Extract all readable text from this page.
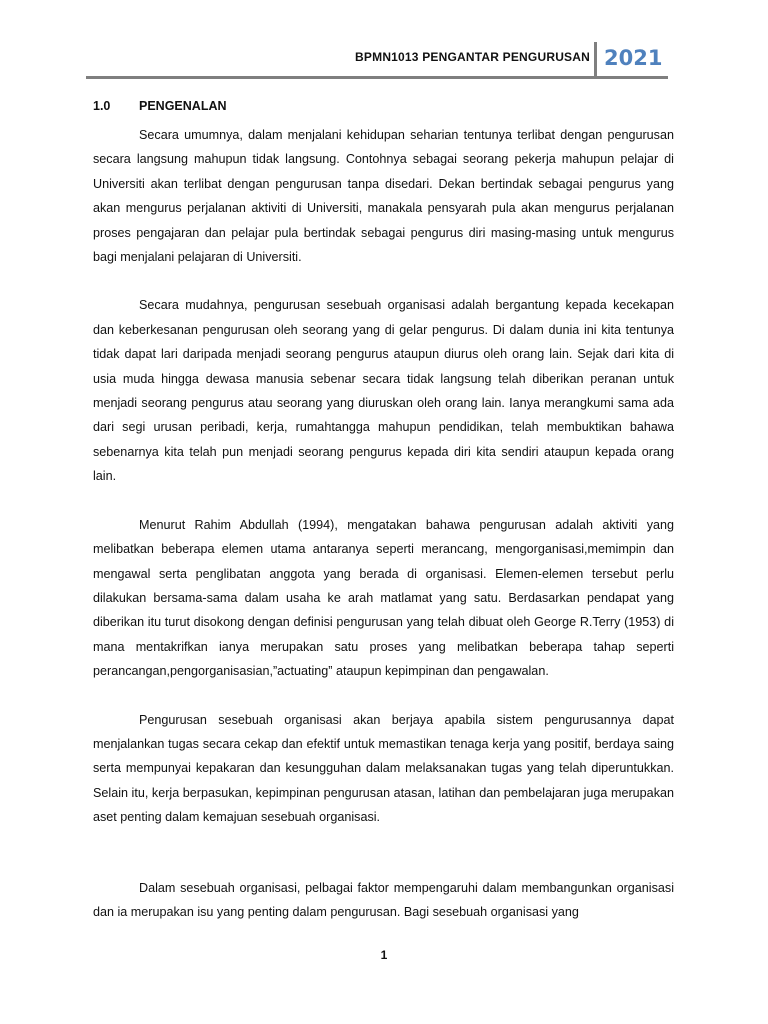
BPMN1013 PENGANTAR PENGURUSAN 2021
1.0 PENGENALAN

Secara umumnya, dalam menjalani kehidupan seharian tentunya terlibat dengan pengurusan secara langsung mahupun tidak langsung. Contohnya sebagai seorang pekerja mahupun pelajar di Universiti akan terlibat dengan pengurusan tanpa disedari. Dekan bertindak sebagai pengurus yang akan mengurus perjalanan aktiviti di Universiti, manakala pensyarah pula akan mengurus perjalanan proses pengajaran dan pelajar pula bertindak sebagai pengurus diri masing-masing untuk mengurus bagi menjalani pelajaran di Universiti.

Secara mudahnya, pengurusan sesebuah organisasi adalah bergantung kepada kecekapan dan keberkesanan pengurusan oleh seorang yang di gelar pengurus. Di dalam dunia ini kita tentunya tidak dapat lari daripada menjadi seorang pengurus ataupun diurus oleh orang lain. Sejak dari kita di usia muda hingga dewasa manusia sebenar secara tidak langsung telah diberikan peranan untuk menjadi seorang pengurus atau seorang yang diuruskan oleh orang lain. Ianya merangkumi sama ada dari segi urusan peribadi, kerja, rumahtangga mahupun pendidikan, telah membuktikan bahawa sebenarnya kita telah pun menjadi seorang pengurus kepada diri kita sendiri ataupun kepada orang lain.

Menurut Rahim Abdullah (1994), mengatakan bahawa pengurusan adalah aktiviti yang melibatkan beberapa elemen utama antaranya seperti merancang, mengorganisasi,memimpin dan mengawal serta penglibatan anggota yang berada di organisasi. Elemen-elemen tersebut perlu dilakukan bersama-sama dalam usaha ke arah matlamat yang satu. Berdasarkan pendapat yang diberikan itu turut disokong dengan definisi pengurusan yang telah dibuat oleh George R.Terry (1953) di mana mentakrifkan ianya merupakan satu proses yang melibatkan beberapa tahap seperti perancangan,pengorganisasian,”actuating” ataupun kepimpinan dan pengawalan.

Pengurusan sesebuah organisasi akan berjaya apabila sistem pengurusannya dapat menjalankan tugas secara cekap dan efektif untuk memastikan tenaga kerja yang positif, berdaya saing serta mempunyai kepakaran dan kesungguhan dalam melaksanakan tugas yang telah diperuntukkan. Selain itu, kerja berpasukan, kepimpinan pengurusan atasan, latihan dan pembelajaran juga merupakan aset penting dalam kemajuan sesebuah organisasi.

Dalam sesebuah organisasi, pelbagai faktor mempengaruhi dalam membangunkan organisasi dan ia merupakan isu yang penting dalam pengurusan. Bagi sesebuah organisasi yang

1
